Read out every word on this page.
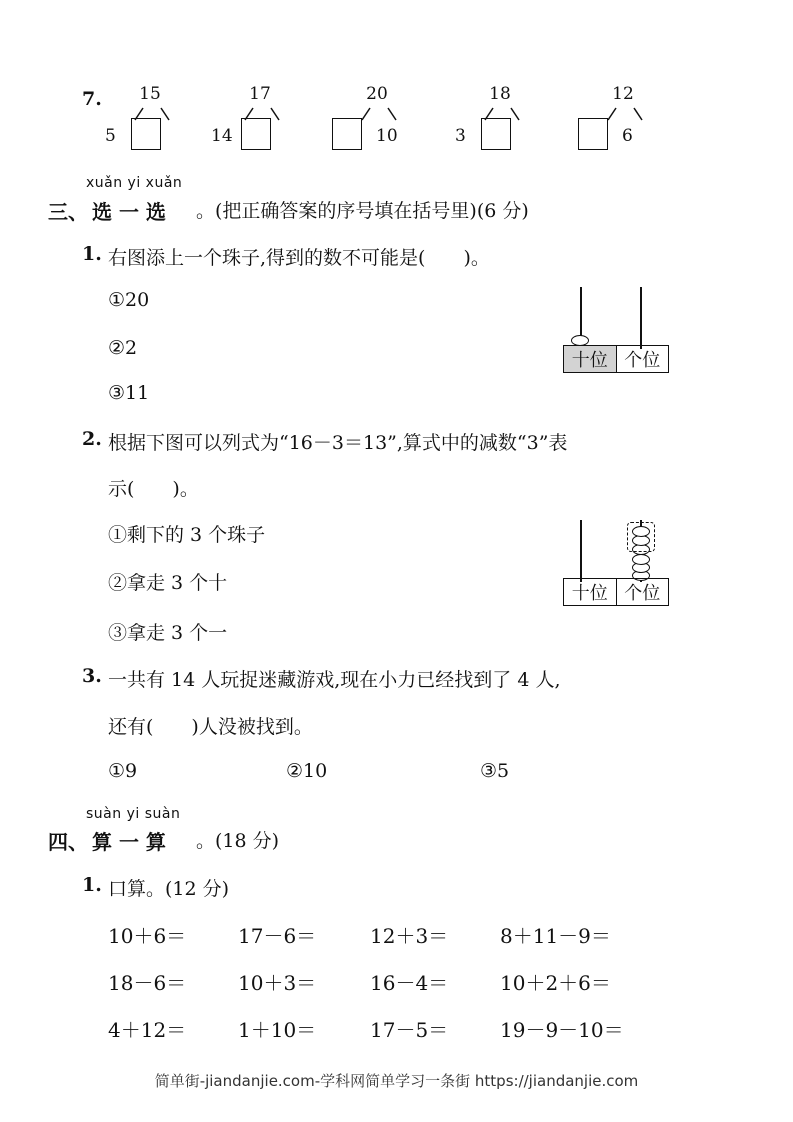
7.	15
5
17
14
20
10
18
3
12
6
xuǎn yi xuǎn
三、 选 一 选 。(把正确答案的序号填在括号里)(6 分)
1. 右图添上一个珠子,得到的数不可能是(　　)。
①20
②2
③11
十位 个位
2. 根据下图可以列式为“16－3＝13”,算式中的减数“3”表
示(　　)。
①剩下的 3 个珠子
②拿走 3 个十
③拿走 3 个一
十位 个位
3. 一共有 14 人玩捉迷藏游戏,现在小力已经找到了 4 人,
还有(　　)人没被找到。
①9	②10	③5
suàn yi suàn
四、 算 一 算 。(18 分)
1. 口算。(12 分)
10＋6＝	17－6＝	12＋3＝	8＋11－9＝
18－6＝	10＋3＝	16－4＝	10＋2＋6＝
4＋12＝	1＋10＝	17－5＝	19－9－10＝
简单街-jiandanjie.com-学科网简单学习一条街 https://jiandanjie.com
